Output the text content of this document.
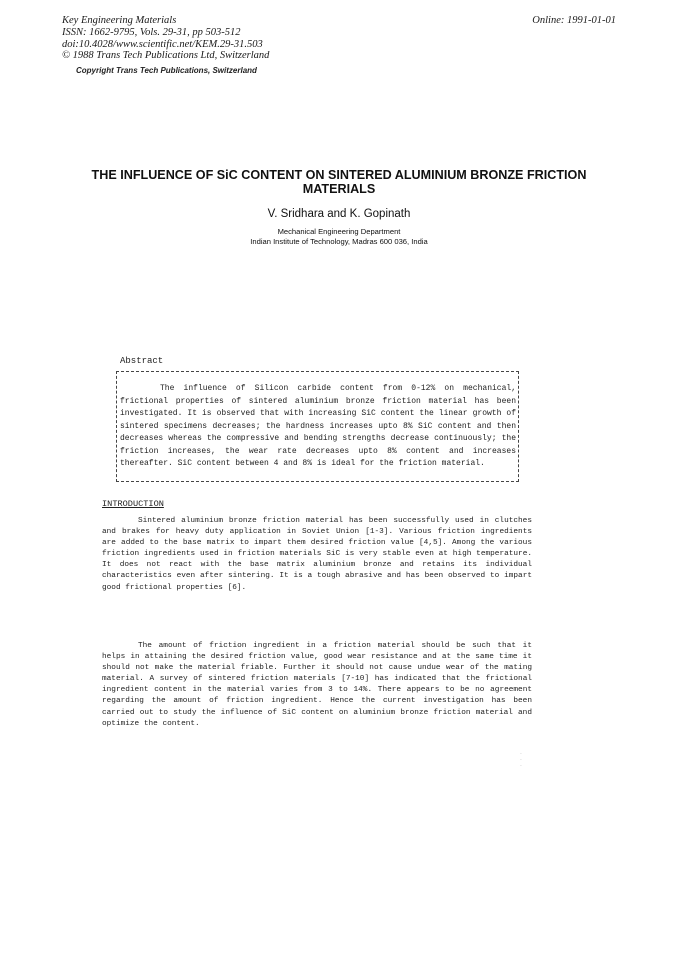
Key Engineering Materials
ISSN: 1662-9795, Vols. 29-31, pp 503-512
doi:10.4028/www.scientific.net/KEM.29-31.503
© 1988 Trans Tech Publications Ltd, Switzerland
Online: 1991-01-01
Copyright Trans Tech Publications, Switzerland
THE INFLUENCE OF SiC CONTENT ON SINTERED ALUMINIUM BRONZE FRICTION MATERIALS
V. Sridhara and K. Gopinath
Mechanical Engineering Department
Indian Institute of Technology, Madras 600 036, India
Abstract
The influence of Silicon carbide content from 0-12% on mechanical, frictional properties of sintered aluminium bronze friction material has been investigated. It is observed that with increasing SiC content the linear growth of sintered specimens decreases; the hardness increases upto 8% SiC content and then decreases whereas the compressive and bending strengths decrease continuously; the friction increases, the wear rate decreases upto 8% content and increases thereafter. SiC content between 4 and 8% is ideal for the friction material.
INTRODUCTION
Sintered aluminium bronze friction material has been successfully used in clutches and brakes for heavy duty application in Soviet Union [1-3]. Various friction ingredients are added to the base matrix to impart them desired friction value [4,5]. Among the various friction ingredients used in friction materials SiC is very stable even at high temperature. It does not react with the base matrix aluminium bronze and retains its individual characteristics even after sintering. It is a tough abrasive and has been observed to impart good frictional properties [6].
The amount of friction ingredient in a friction material should be such that it helps in attaining the desired friction value, good wear resistance and at the same time it should not make the material friable. Further it should not cause undue wear of the mating material. A survey of sintered friction materials [7-10] has indicated that the frictional ingredient content in the material varies from 3 to 14%. There appears to be no agreement regarding the amount of friction ingredient. Hence the current investigation has been carried out to study the influence of SiC content on aluminium bronze friction material and optimize the content.
·
·
·
